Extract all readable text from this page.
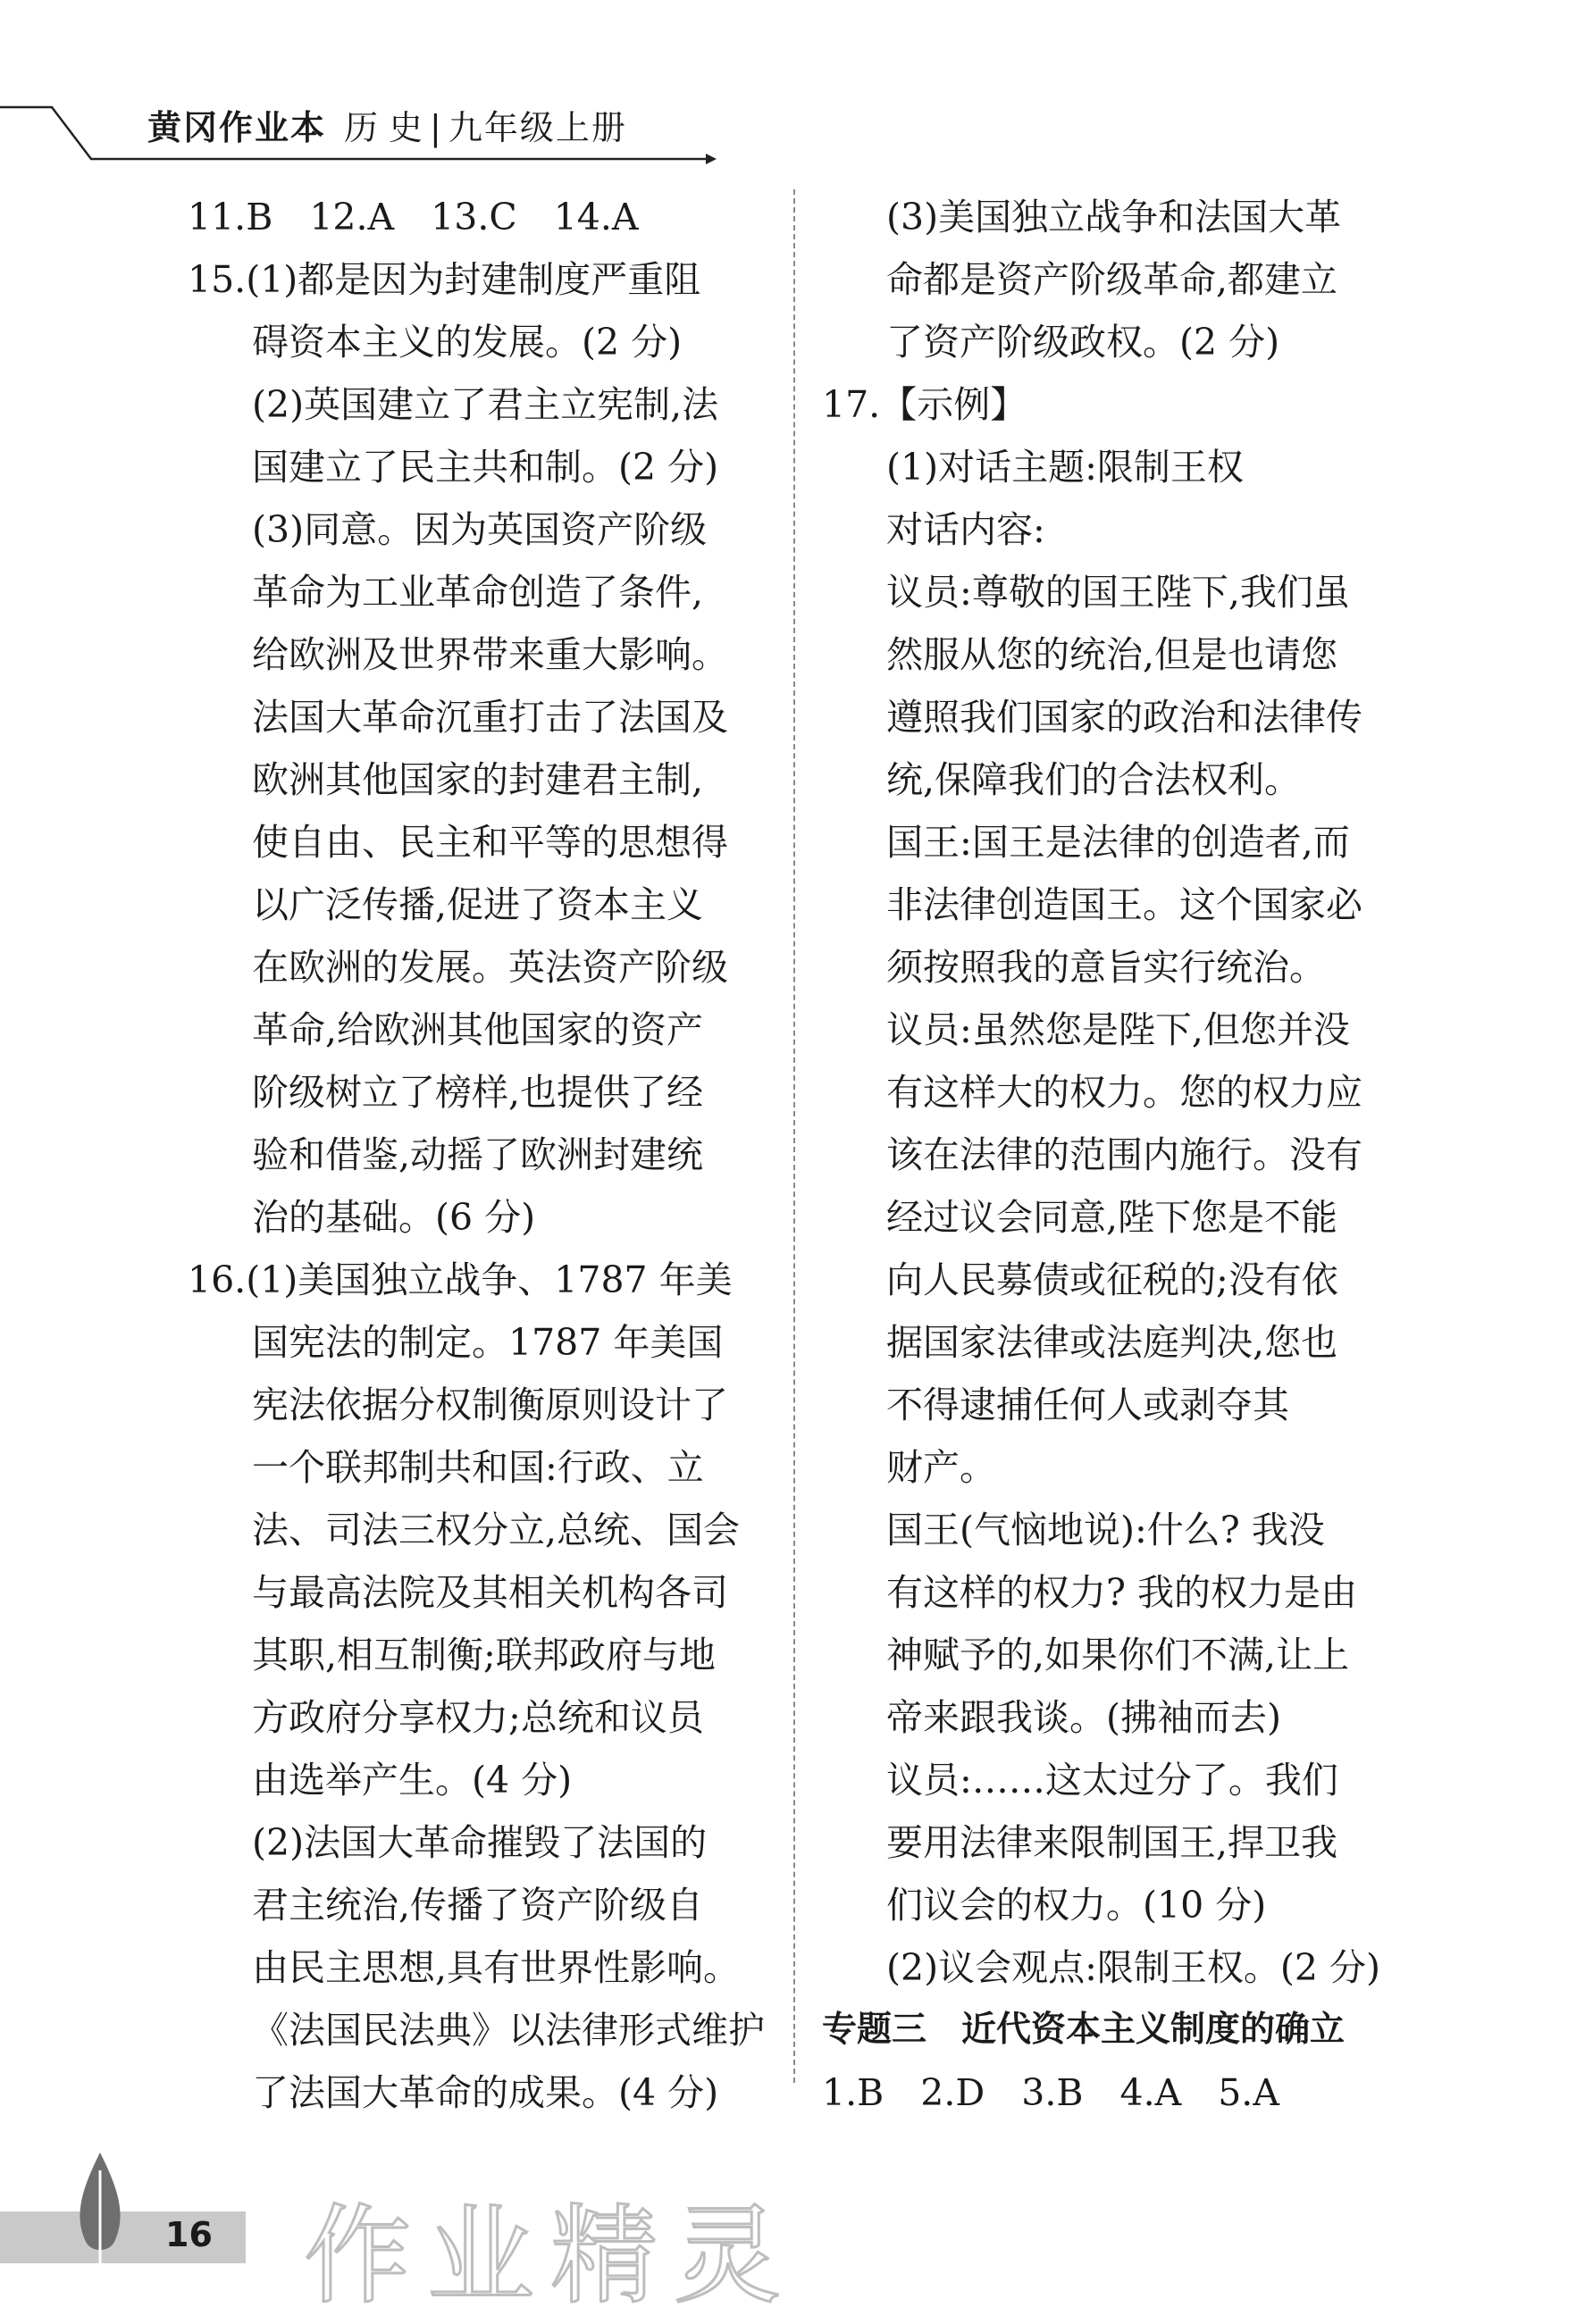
黄冈作业本 历史| 九年级上册
11.B　12.A　13.C　14.A
15.(1)都是因为封建制度严重阻
碍资本主义的发展。(2 分)
(2)英国建立了君主立宪制,法
国建立了民主共和制。(2 分)
(3)同意。因为英国资产阶级
革命为工业革命创造了条件,
给欧洲及世界带来重大影响。
法国大革命沉重打击了法国及
欧洲其他国家的封建君主制,
使自由、民主和平等的思想得
以广泛传播,促进了资本主义
在欧洲的发展。英法资产阶级
革命,给欧洲其他国家的资产
阶级树立了榜样,也提供了经
验和借鉴,动摇了欧洲封建统
治的基础。(6 分)
16.(1)美国独立战争、1787 年美
国宪法的制定。1787 年美国
宪法依据分权制衡原则设计了
一个联邦制共和国:行政、立
法、司法三权分立,总统、国会
与最高法院及其相关机构各司
其职,相互制衡;联邦政府与地
方政府分享权力;总统和议员
由选举产生。(4 分)
(2)法国大革命摧毁了法国的
君主统治,传播了资产阶级自
由民主思想,具有世界性影响。
《法国民法典》以法律形式维护
了法国大革命的成果。(4 分)
(3)美国独立战争和法国大革
命都是资产阶级革命,都建立
了资产阶级政权。(2 分)
17.【示例】
(1)对话主题:限制王权
对话内容:
议员:尊敬的国王陛下,我们虽
然服从您的统治,但是也请您
遵照我们国家的政治和法律传
统,保障我们的合法权利。
国王:国王是法律的创造者,而
非法律创造国王。这个国家必
须按照我的意旨实行统治。
议员:虽然您是陛下,但您并没
有这样大的权力。您的权力应
该在法律的范围内施行。没有
经过议会同意,陛下您是不能
向人民募债或征税的;没有依
据国家法律或法庭判决,您也
不得逮捕任何人或剥夺其
财产。
国王(气恼地说):什么? 我没
有这样的权力? 我的权力是由
神赋予的,如果你们不满,让上
帝来跟我谈。(拂袖而去)
议员:……这太过分了。我们
要用法律来限制国王,捍卫我
们议会的权力。(10 分)
(2)议会观点:限制王权。(2 分)
专题三　近代资本主义制度的确立
1.B　2.D　3.B　4.A　5.A
16 作业精灵
